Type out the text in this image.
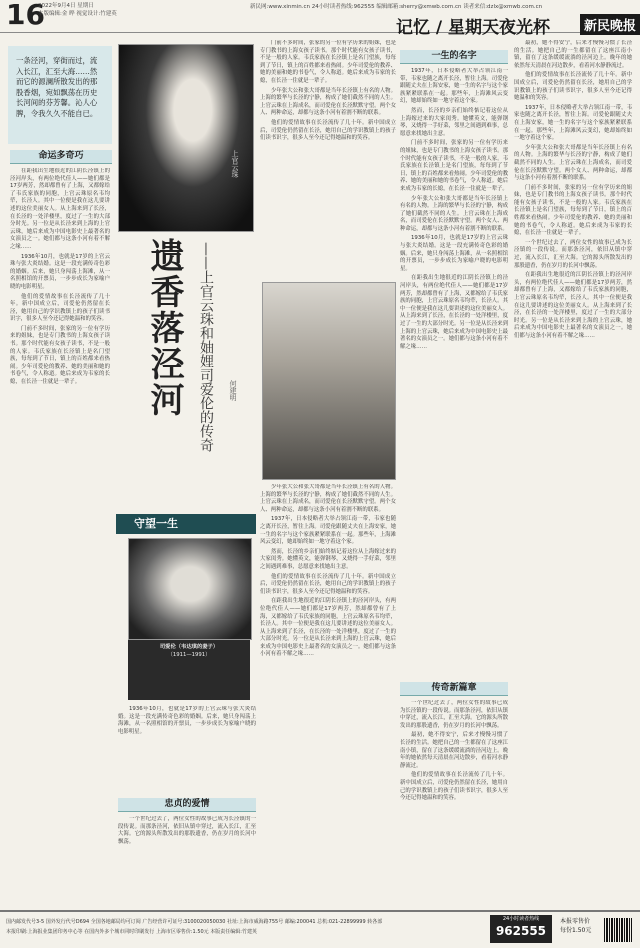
16
2022年9月4日 星期日
本版编辑:金 晔 视觉设计:竹建英
新民网:www.xinmin.cn 24小时读者热线:962555 编辑邮箱:sherry@xmwb.com.cn 读者来信:dzlx@xmwb.com.cn
记忆 / 星期天夜光杯	新民晚报
一条泾河，穿街而过，流入长江，汇至大海……然而它的源澜所散发出的那股香烟，宛如飘荡在历史长河间的芬芳馨。沁人心脾，令我久久不能自已。
命运多奇巧

在距我出生地很近的江阴长泾镇上的泾河岸头，有两位绝代佳人——她们都是17岁两芳，然却都曾有了上海，又都嫁给了韦氏家族的同胞，上官云珠原名韦均荦，长泾人。其中一位便是我在这儿要讲述的这位美丽女人。从上海来到了长泾，在长泾的一处洋楼里，度过了一生的大部分时光。另一位是从长泾来到上海的上官云珠，她后来成为中国电影史上最著名的女演员之一。她们都与这条小河有着不解之缘……

1936年10月，也就是17岁的上官云珠与张大炎结婚。这是一段充满传奇色彩的婚姻。后来，她只身闯荡上海滩，从一名照相馆的开票员，一步步成长为家喻户晓的电影明星。

他们的爱情故事在长泾流传了几十年。新中国成立后，司爱伦仍然留在长泾，她用自己的学识教镇上的孩子们读书识字，很多人至今还记得她温和的笑容。

门前不多时间，张家的另一位有学历来的姐妹，也是专门教书的上海女孩子读书。那个时代能有女孩子读书，不是一般的人家。韦氏家族在长泾镇上是名门望族，每每到了节日，镇上的百姓都来看热闹。少年司爱伦的教养、她的美丽和她的书卷气，令人称道。她后来成为韦家的长媳，在长泾一住就是一辈子。

上官云珠
遗香落泾河	——上官云珠和妯娌司爱伦的传奇 何建明
守望一生
司爱伦（韦达琪的妻子）
（1911—1991）

1936年10月，也就是17岁的上官云珠与张大炎结婚。这是一段充满传奇色彩的婚姻。后来，她只身闯荡上海滩，从一名照相馆的开票员，一步步成长为家喻户晓的电影明星。

忠贞的爱情

一个世纪过去了，两位女性的故事已成为长泾镇的一段传说。而那条泾河，依旧从镇中穿过，流入长江，汇至大海。它的源头所散发出的那股遗香，仍在岁月的长河中飘荡。

门前不多时间，张家的另一位有学历来的姐妹，也是专门教书的上海女孩子读书。那个时代能有女孩子读书，不是一般的人家。韦氏家族在长泾镇上是名门望族，每每到了节日，镇上的百姓都来看热闹。少年司爱伦的教养、她的美丽和她的书卷气，令人称道。她后来成为韦家的长媳，在长泾一住就是一辈子。

少年张大公和张大哥都是当年长泾镇上有名的人物。上海的繁华与长泾的宁静，构成了她们截然不同的人生。上官云珠在上海成名，而司爱伦在长泾默默守望。两个女人、两种命运，却都与这条小河有着割不断的联系。

他们的爱情故事在长泾流传了几十年。新中国成立后，司爱伦仍然留在长泾，她用自己的学识教镇上的孩子们读书识字，很多人至今还记得她温和的笑容。

少年张大公和张大哥都是当年长泾镇上有名的人物。上海的繁华与长泾的宁静，构成了她们截然不同的人生。上官云珠在上海成名，而司爱伦在长泾默默守望。两个女人、两种命运，却都与这条小河有着割不断的联系。

1937年，日本侵略者大举占领江南一带，韦家也随之离开长泾，暂往上海。司爱伦跟随丈夫在上海安家，她一生的名字与这个家族紧紧联系在一起。那些年，上海滩风云变幻，她却始终如一地守着这个家。

然而，长泾的乡亲们始终惦记着这位从上海嫁过来的大家闺秀。她懂英文，能弹钢琴，又烧得一手好菜，邻里之间遇到难事，总愿意来找她出主意。

他们的爱情故事在长泾流传了几十年。新中国成立后，司爱伦仍然留在长泾，她用自己的学识教镇上的孩子们读书识字，很多人至今还记得她温和的笑容。

在距我出生地很近的江阴长泾镇上的泾河岸头，有两位绝代佳人——她们都是17岁两芳，然却都曾有了上海，又都嫁给了韦氏家族的同胞，上官云珠原名韦均荦，长泾人。其中一位便是我在这儿要讲述的这位美丽女人。从上海来到了长泾，在长泾的一处洋楼里，度过了一生的大部分时光。另一位是从长泾来到上海的上官云珠，她后来成为中国电影史上最著名的女演员之一。她们都与这条小河有着不解之缘……

一生的名字

1937年，日本侵略者大举占领江南一带，韦家也随之离开长泾，暂往上海。司爱伦跟随丈夫在上海安家，她一生的名字与这个家族紧紧联系在一起。那些年，上海滩风云变幻，她却始终如一地守着这个家。

然而，长泾的乡亲们始终惦记着这位从上海嫁过来的大家闺秀。她懂英文，能弹钢琴，又烧得一手好菜，邻里之间遇到难事，总愿意来找她出主意。

门前不多时间，张家的另一位有学历来的姐妹，也是专门教书的上海女孩子读书。那个时代能有女孩子读书，不是一般的人家。韦氏家族在长泾镇上是名门望族，每每到了节日，镇上的百姓都来看热闹。少年司爱伦的教养、她的美丽和她的书卷气，令人称道。她后来成为韦家的长媳，在长泾一住就是一辈子。

少年张大公和张大哥都是当年长泾镇上有名的人物。上海的繁华与长泾的宁静，构成了她们截然不同的人生。上官云珠在上海成名，而司爱伦在长泾默默守望。两个女人、两种命运，却都与这条小河有着割不断的联系。

1936年10月，也就是17岁的上官云珠与张大炎结婚。这是一段充满传奇色彩的婚姻。后来，她只身闯荡上海滩，从一名照相馆的开票员，一步步成长为家喻户晓的电影明星。

在距我出生地很近的江阴长泾镇上的泾河岸头，有两位绝代佳人——她们都是17岁两芳，然却都曾有了上海，又都嫁给了韦氏家族的同胞，上官云珠原名韦均荦，长泾人。其中一位便是我在这儿要讲述的这位美丽女人。从上海来到了长泾，在长泾的一处洋楼里，度过了一生的大部分时光。另一位是从长泾来到上海的上官云珠，她后来成为中国电影史上最著名的女演员之一。她们都与这条小河有着不解之缘……

传奇新篇章

一个世纪过去了，两位女性的故事已成为长泾镇的一段传说。而那条泾河，依旧从镇中穿过，流入长江，汇至大海。它的源头所散发出的那股遗香，仍在岁月的长河中飘荡。

最初，她不得安宁，后来才慢慢习惯了长泾的生活。她把自己的一生都留在了这座江南小镇，留在了这条缓缓流淌的泾河边上。晚年的她依然每天清晨在河边散步，看着河水静静流过。

他们的爱情故事在长泾流传了几十年。新中国成立后，司爱伦仍然留在长泾，她用自己的学识教镇上的孩子们读书识字，很多人至今还记得她温和的笑容。

最初，她不得安宁，后来才慢慢习惯了长泾的生活。她把自己的一生都留在了这座江南小镇，留在了这条缓缓流淌的泾河边上。晚年的她依然每天清晨在河边散步，看着河水静静流过。

他们的爱情故事在长泾流传了几十年。新中国成立后，司爱伦仍然留在长泾，她用自己的学识教镇上的孩子们读书识字，很多人至今还记得她温和的笑容。

1937年，日本侵略者大举占领江南一带，韦家也随之离开长泾，暂往上海。司爱伦跟随丈夫在上海安家，她一生的名字与这个家族紧紧联系在一起。那些年，上海滩风云变幻，她却始终如一地守着这个家。

少年张大公和张大哥都是当年长泾镇上有名的人物。上海的繁华与长泾的宁静，构成了她们截然不同的人生。上官云珠在上海成名，而司爱伦在长泾默默守望。两个女人、两种命运，却都与这条小河有着割不断的联系。

门前不多时间，张家的另一位有学历来的姐妹，也是专门教书的上海女孩子读书。那个时代能有女孩子读书，不是一般的人家。韦氏家族在长泾镇上是名门望族，每每到了节日，镇上的百姓都来看热闹。少年司爱伦的教养、她的美丽和她的书卷气，令人称道。她后来成为韦家的长媳，在长泾一住就是一辈子。

一个世纪过去了，两位女性的故事已成为长泾镇的一段传说。而那条泾河，依旧从镇中穿过，流入长江，汇至大海。它的源头所散发出的那股遗香，仍在岁月的长河中飘荡。

在距我出生地很近的江阴长泾镇上的泾河岸头，有两位绝代佳人——她们都是17岁两芳，然却都曾有了上海，又都嫁给了韦氏家族的同胞，上官云珠原名韦均荦，长泾人。其中一位便是我在这儿要讲述的这位美丽女人。从上海来到了长泾，在长泾的一处洋楼里，度过了一生的大部分时光。另一位是从长泾来到上海的上官云珠，她后来成为中国电影史上最著名的女演员之一。她们都与这条小河有着不解之缘……

国内邮发代号3-5 国外发行代号D694 全国各地邮局均可订阅 广告经营许可证号:3100020050030 社址:上海市威海路755号 邮编:200041 总机:021-22899999 转各部
本报印刷:上海报业集团印务中心等 在国内外多个城市同时印刷发行 上海市区零售价:1.50元 本版责任编辑:竹建英
24小时读者热线
962555
本报零售价
每份1.50元
